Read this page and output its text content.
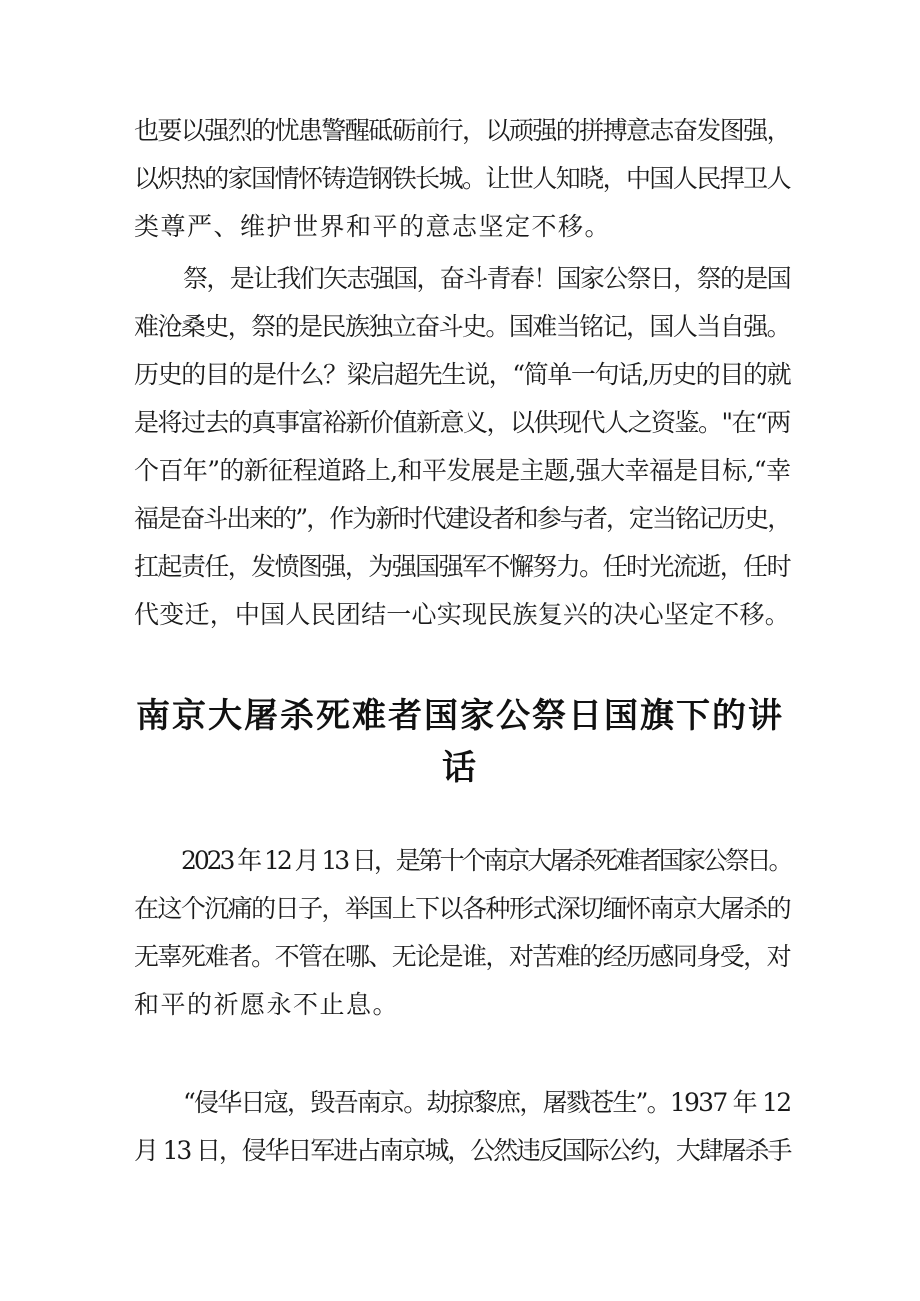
也要以强烈的忧患警醒砥砺前行，以顽强的拼搏意志奋发图强，
以炽热的家国情怀铸造钢铁长城。让世人知晓，中国人民捍卫人
类尊严、维护世界和平的意志坚定不移。
祭，是让我们矢志强国，奋斗青春！国家公祭日，祭的是国
难沧桑史，祭的是民族独立奋斗史。国难当铭记，国人当自强。
历史的目的是什么？梁启超先生说，“简单一句话,历史的目的就
是将过去的真事富裕新价值新意义，以供现代人之资鉴。"在“两
个百年”的新征程道路上,和平发展是主题,强大幸福是目标,“幸
福是奋斗出来的”，作为新时代建设者和参与者，定当铭记历史，
扛起责任，发愤图强，为强国强军不懈努力。任时光流逝，任时
代变迁，中国人民团结一心实现民族复兴的决心坚定不移。
南京大屠杀死难者国家公祭日国旗下的讲
话
2023 年 12 月 13 日，是第十个南京大屠杀死难者国家公祭日。
在这个沉痛的日子，举国上下以各种形式深切缅怀南京大屠杀的
无辜死难者。不管在哪、无论是谁，对苦难的经历感同身受，对
和平的祈愿永不止息。
“侵华日寇，毁吾南京。劫掠黎庶，屠戮苍生”。1937 年 12
月 13 日，侵华日军进占南京城，公然违反国际公约，大肆屠杀手
